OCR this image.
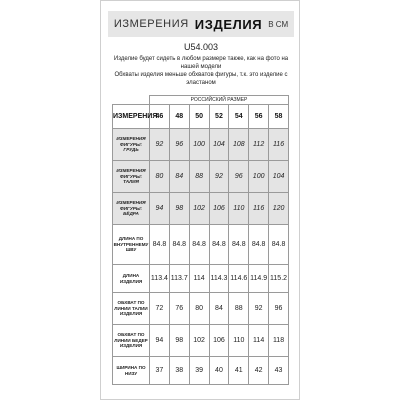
ИЗМЕРЕНИЯ ИЗДЕЛИЯ В СМ
U54.003
Изделие будет сидеть в любом размере также, как на фото на нашей модели
Обхваты изделия меньше обхватов фигуры, т.к. это изделие с эластаном
	РОССИЙСКИЙ РАЗМЕР						
ИЗМЕРЕНИЯ	46	48	50	52	54	56	58
ИЗМЕРЕНИЯ ФИГУРЫ: ГРУДЬ	92	96	100	104	108	112	116
ИЗМЕРЕНИЯ ФИГУРЫ: ТАЛИЯ	80	84	88	92	96	100	104
ИЗМЕРЕНИЯ ФИГУРЫ: БЁДРА	94	98	102	106	110	116	120
ДЛИНА ПО ВНУТРЕННЕМУ ШВУ	84.8	84.8	84.8	84.8	84.8	84.8	84.8
ДЛИНА ИЗДЕЛИЯ	113.4	113.7	114	114.3	114.6	114.9	115.2
ОБХВАТ ПО ЛИНИИ ТАЛИИ ИЗДЕЛИЯ	72	76	80	84	88	92	96
ОБХВАТ ПО ЛИНИИ БЕДЕР ИЗДЕЛИЯ	94	98	102	106	110	114	118
ШИРИНА ПО НИЗУ	37	38	39	40	41	42	43
